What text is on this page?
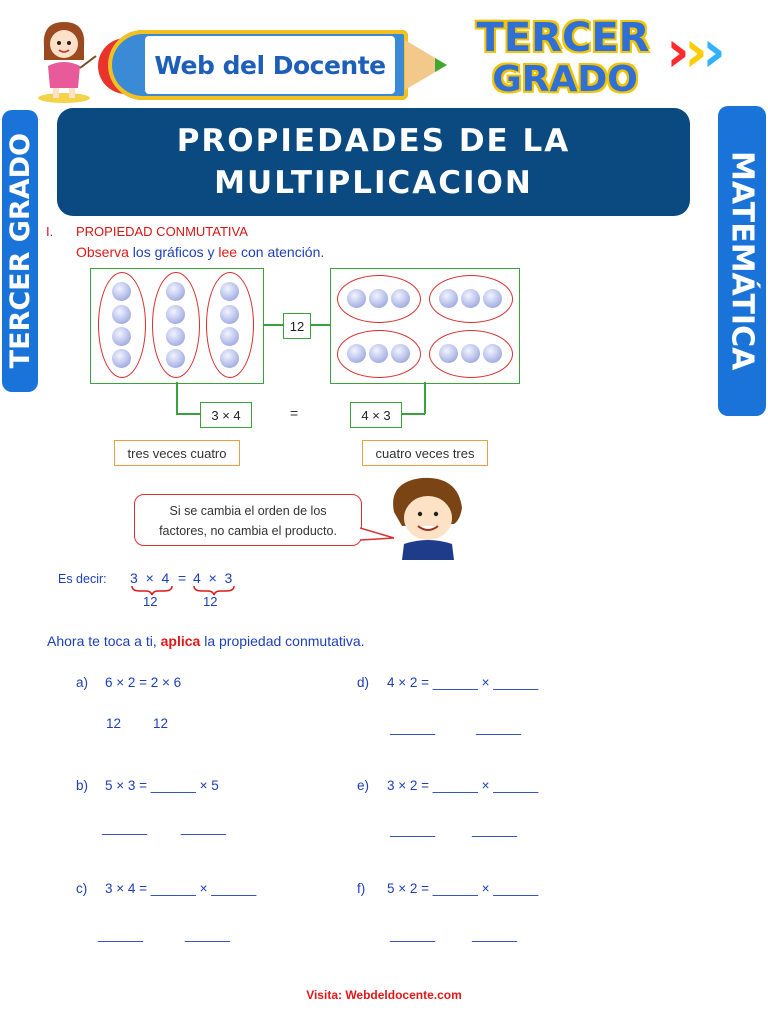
Web del Docente
TERCER
GRADO ›
›
›
TERCER GRADO	MATEMÁTICA
PROPIEDADES DE LA
MULTIPLICACION
I. PROPIEDAD CONMUTATIVA
Observa los gráficos y lee con atención.
12
3 × 4	=	4 × 3
tres veces cuatro	cuatro veces tres
Si se cambia el orden de los
factores, no cambia el producto.
Es decir: 3  ×  4 = 4  ×  3
12	12
Ahora te toca a ti, aplica la propiedad conmutativa.
a) 6 × 2 = 2 × 6
12 12
b) 5 × 3 = ______ × 5
______	______
c) 3 × 4 = ______ × ______
______	______
d) 4 × 2 = ______ × ______
______	______
e) 3 × 2 = ______ × ______
______	______
f) 5 × 2 = ______ × ______
______	______
Visita: Webdeldocente.com
